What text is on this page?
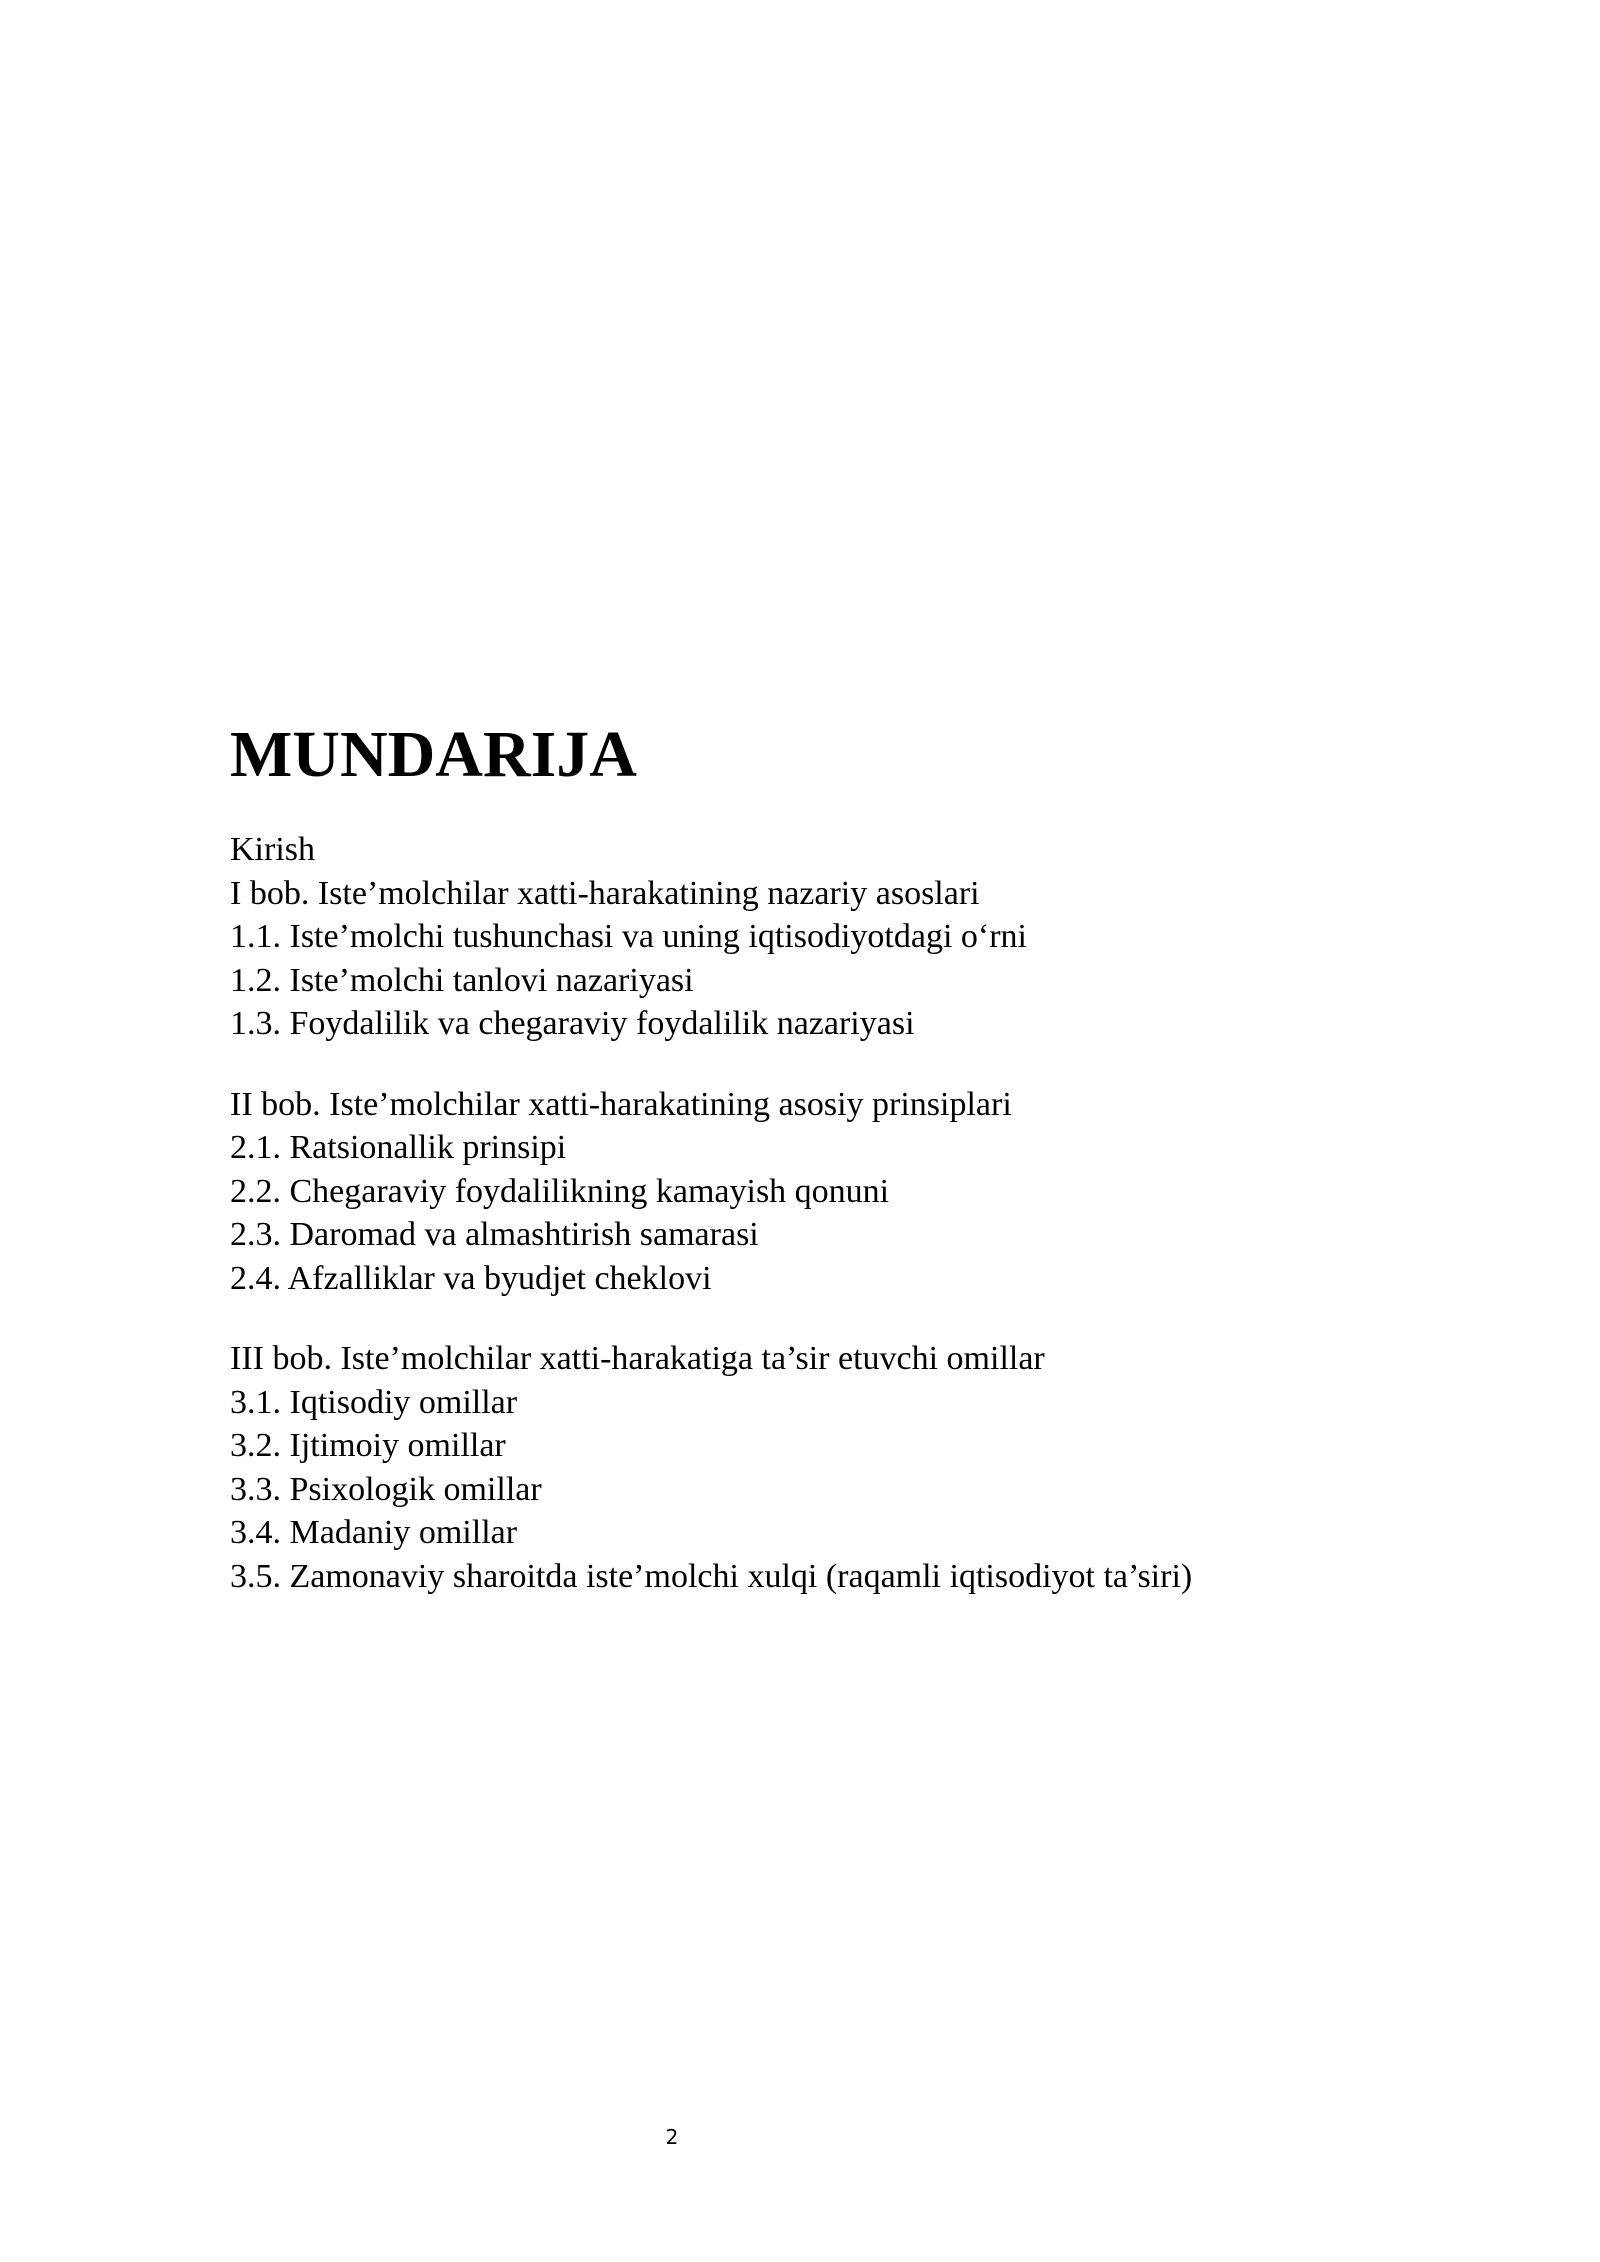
MUNDARIJA
Kirish
I bob. Iste’molchilar xatti-harakatining nazariy asoslari
1.1. Iste’molchi tushunchasi va uning iqtisodiyotdagi o‘rni
1.2. Iste’molchi tanlovi nazariyasi
1.3. Foydalilik va chegaraviy foydalilik nazariyasi
II bob. Iste’molchilar xatti-harakatining asosiy prinsiplari
2.1. Ratsionallik prinsipi
2.2. Chegaraviy foydalilikning kamayish qonuni
2.3. Daromad va almashtirish samarasi
2.4. Afzalliklar va byudjet cheklovi
III bob. Iste’molchilar xatti-harakatiga ta’sir etuvchi omillar
3.1. Iqtisodiy omillar
3.2. Ijtimoiy omillar
3.3. Psixologik omillar
3.4. Madaniy omillar
3.5. Zamonaviy sharoitda iste’molchi xulqi (raqamli iqtisodiyot ta’siri)
2
